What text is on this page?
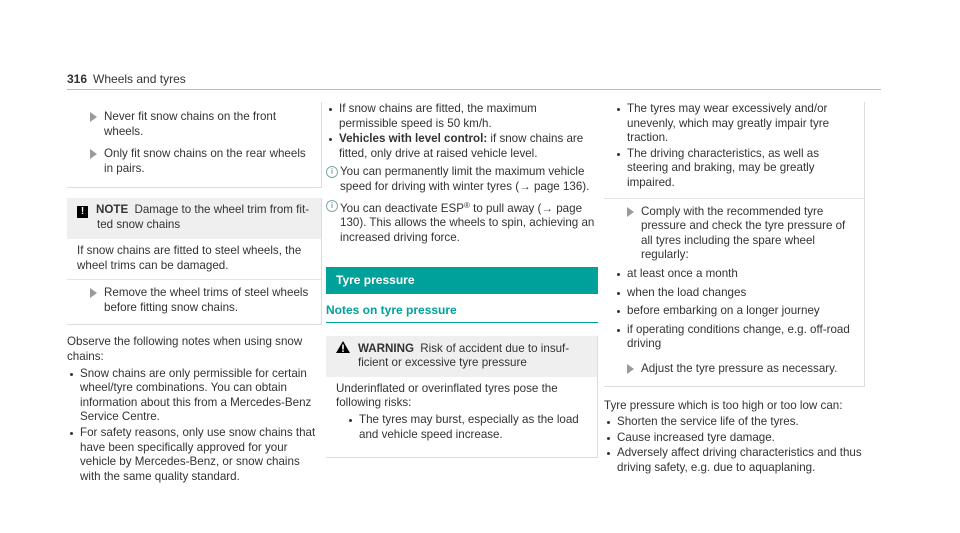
316 Wheels and tyres
Never fit snow chains on the front wheels.
Only fit snow chains on the rear wheels in pairs.
! NOTE Damage to the wheel trim from fit-
ted snow chains

If snow chains are fitted to steel wheels, the wheel trims can be damaged.

Remove the wheel trims of steel wheels before fitting snow chains.

Observe the following notes when using snow chains:

Snow chains are only permissible for certain wheel/tyre combinations. You can obtain information about this from a Mercedes-Benz Service Centre.
For safety reasons, only use snow chains that have been specifically approved for your vehicle by Mercedes-Benz, or snow chains with the same quality standard.
If snow chains are fitted, the maximum permissible speed is 50 km/h.
Vehicles with level control: if snow chains are fitted, only drive at raised vehicle level.
i You can permanently limit the maximum vehicle speed for driving with winter tyres (→ page 136).
i You can deactivate ESP® to pull away (→ page 130). This allows the wheels to spin, achieving an increased driving force.
Tyre pressure
Notes on tyre pressure
WARNING Risk of accident due to insuf-
ficient or excessive tyre pressure

Underinflated or overinflated tyres pose the following risks:

The tyres may burst, especially as the load and vehicle speed increase.
The tyres may wear excessively and/or unevenly, which may greatly impair tyre traction.
The driving characteristics, as well as steering and braking, may be greatly impaired.
Comply with the recommended tyre pressure and check the tyre pressure of all tyres including the spare wheel regularly:
at least once a month
when the load changes
before embarking on a longer journey
if operating conditions change, e.g. off-road driving
Adjust the tyre pressure as necessary.

Tyre pressure which is too high or too low can:

Shorten the service life of the tyres.
Cause increased tyre damage.
Adversely affect driving characteristics and thus driving safety, e.g. due to aquaplaning.
